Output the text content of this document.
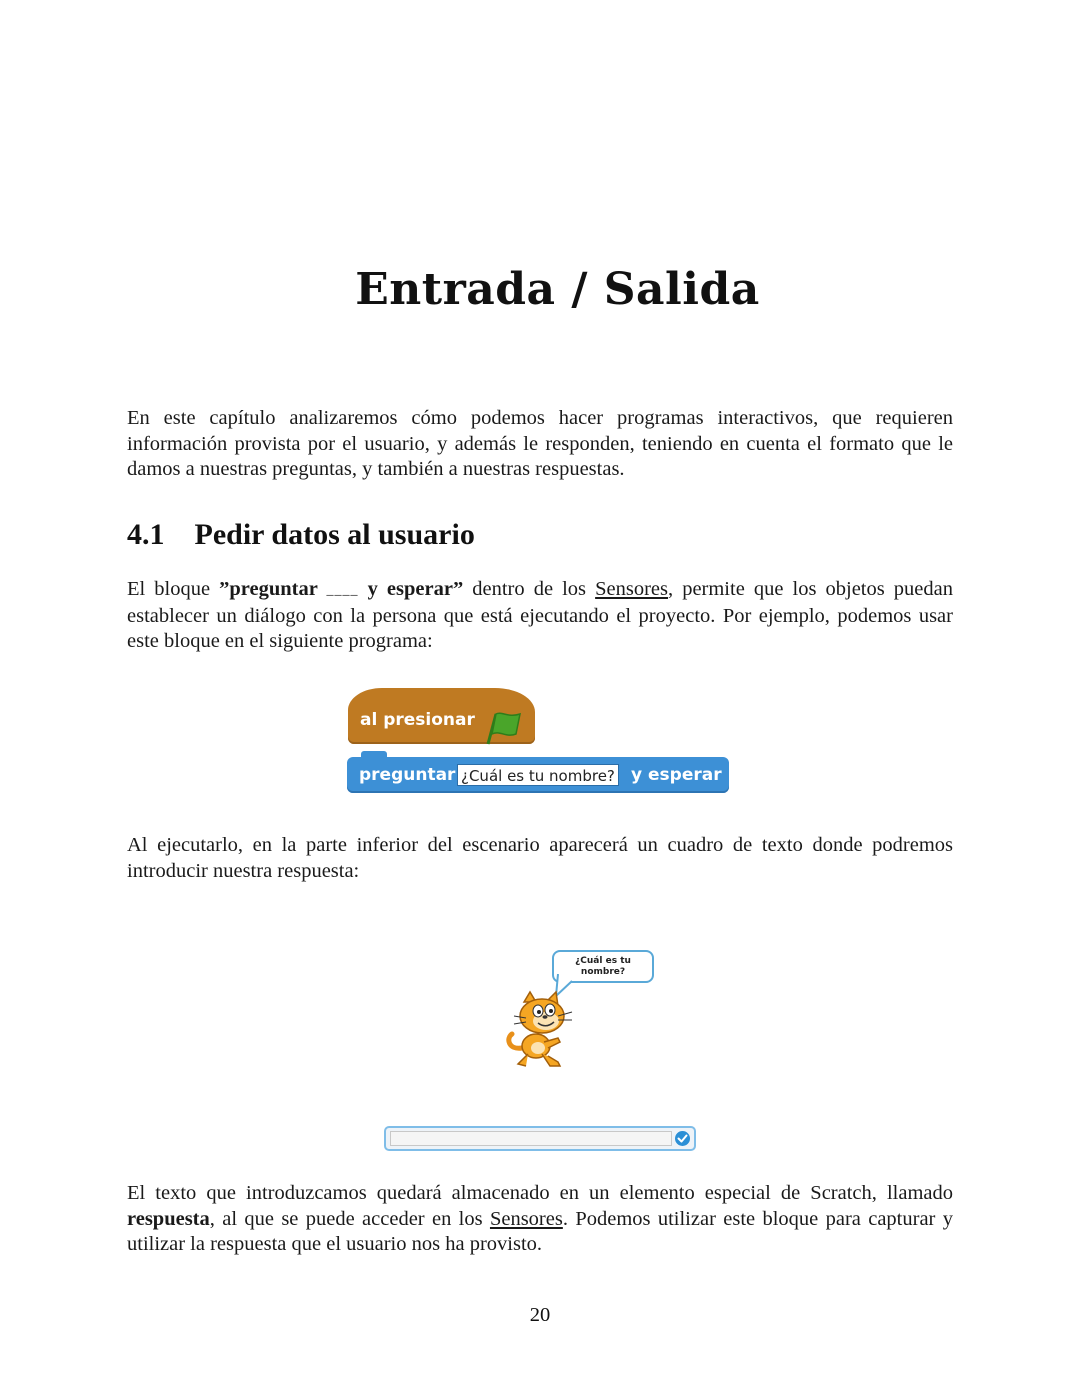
Entrada / Salida

En este capítulo analizaremos cómo podemos hacer programas interactivos, que requieren información provista por el usuario, y además le responden, teniendo en cuenta el formato que le damos a nuestras preguntas, y también a nuestras respuestas.

4.1 Pedir datos al usuario

El bloque ”preguntar ____ y esperar” dentro de los Sensores, permite que los objetos puedan establecer un diálogo con la persona que está ejecutando el proyecto. Por ejemplo, podemos usar este bloque en el siguiente programa:

al presionar
preguntar ¿Cuál es tu nombre? y esperar

Al ejecutarlo, en la parte inferior del escenario aparecerá un cuadro de texto donde podremos introducir nuestra respuesta:

¿Cuál es tu
nombre?

El texto que introduzcamos quedará almacenado en un elemento especial de Scratch, llamado respuesta, al que se puede acceder en los Sensores. Podemos utilizar este bloque para capturar y utilizar la respuesta que el usuario nos ha provisto.

20
